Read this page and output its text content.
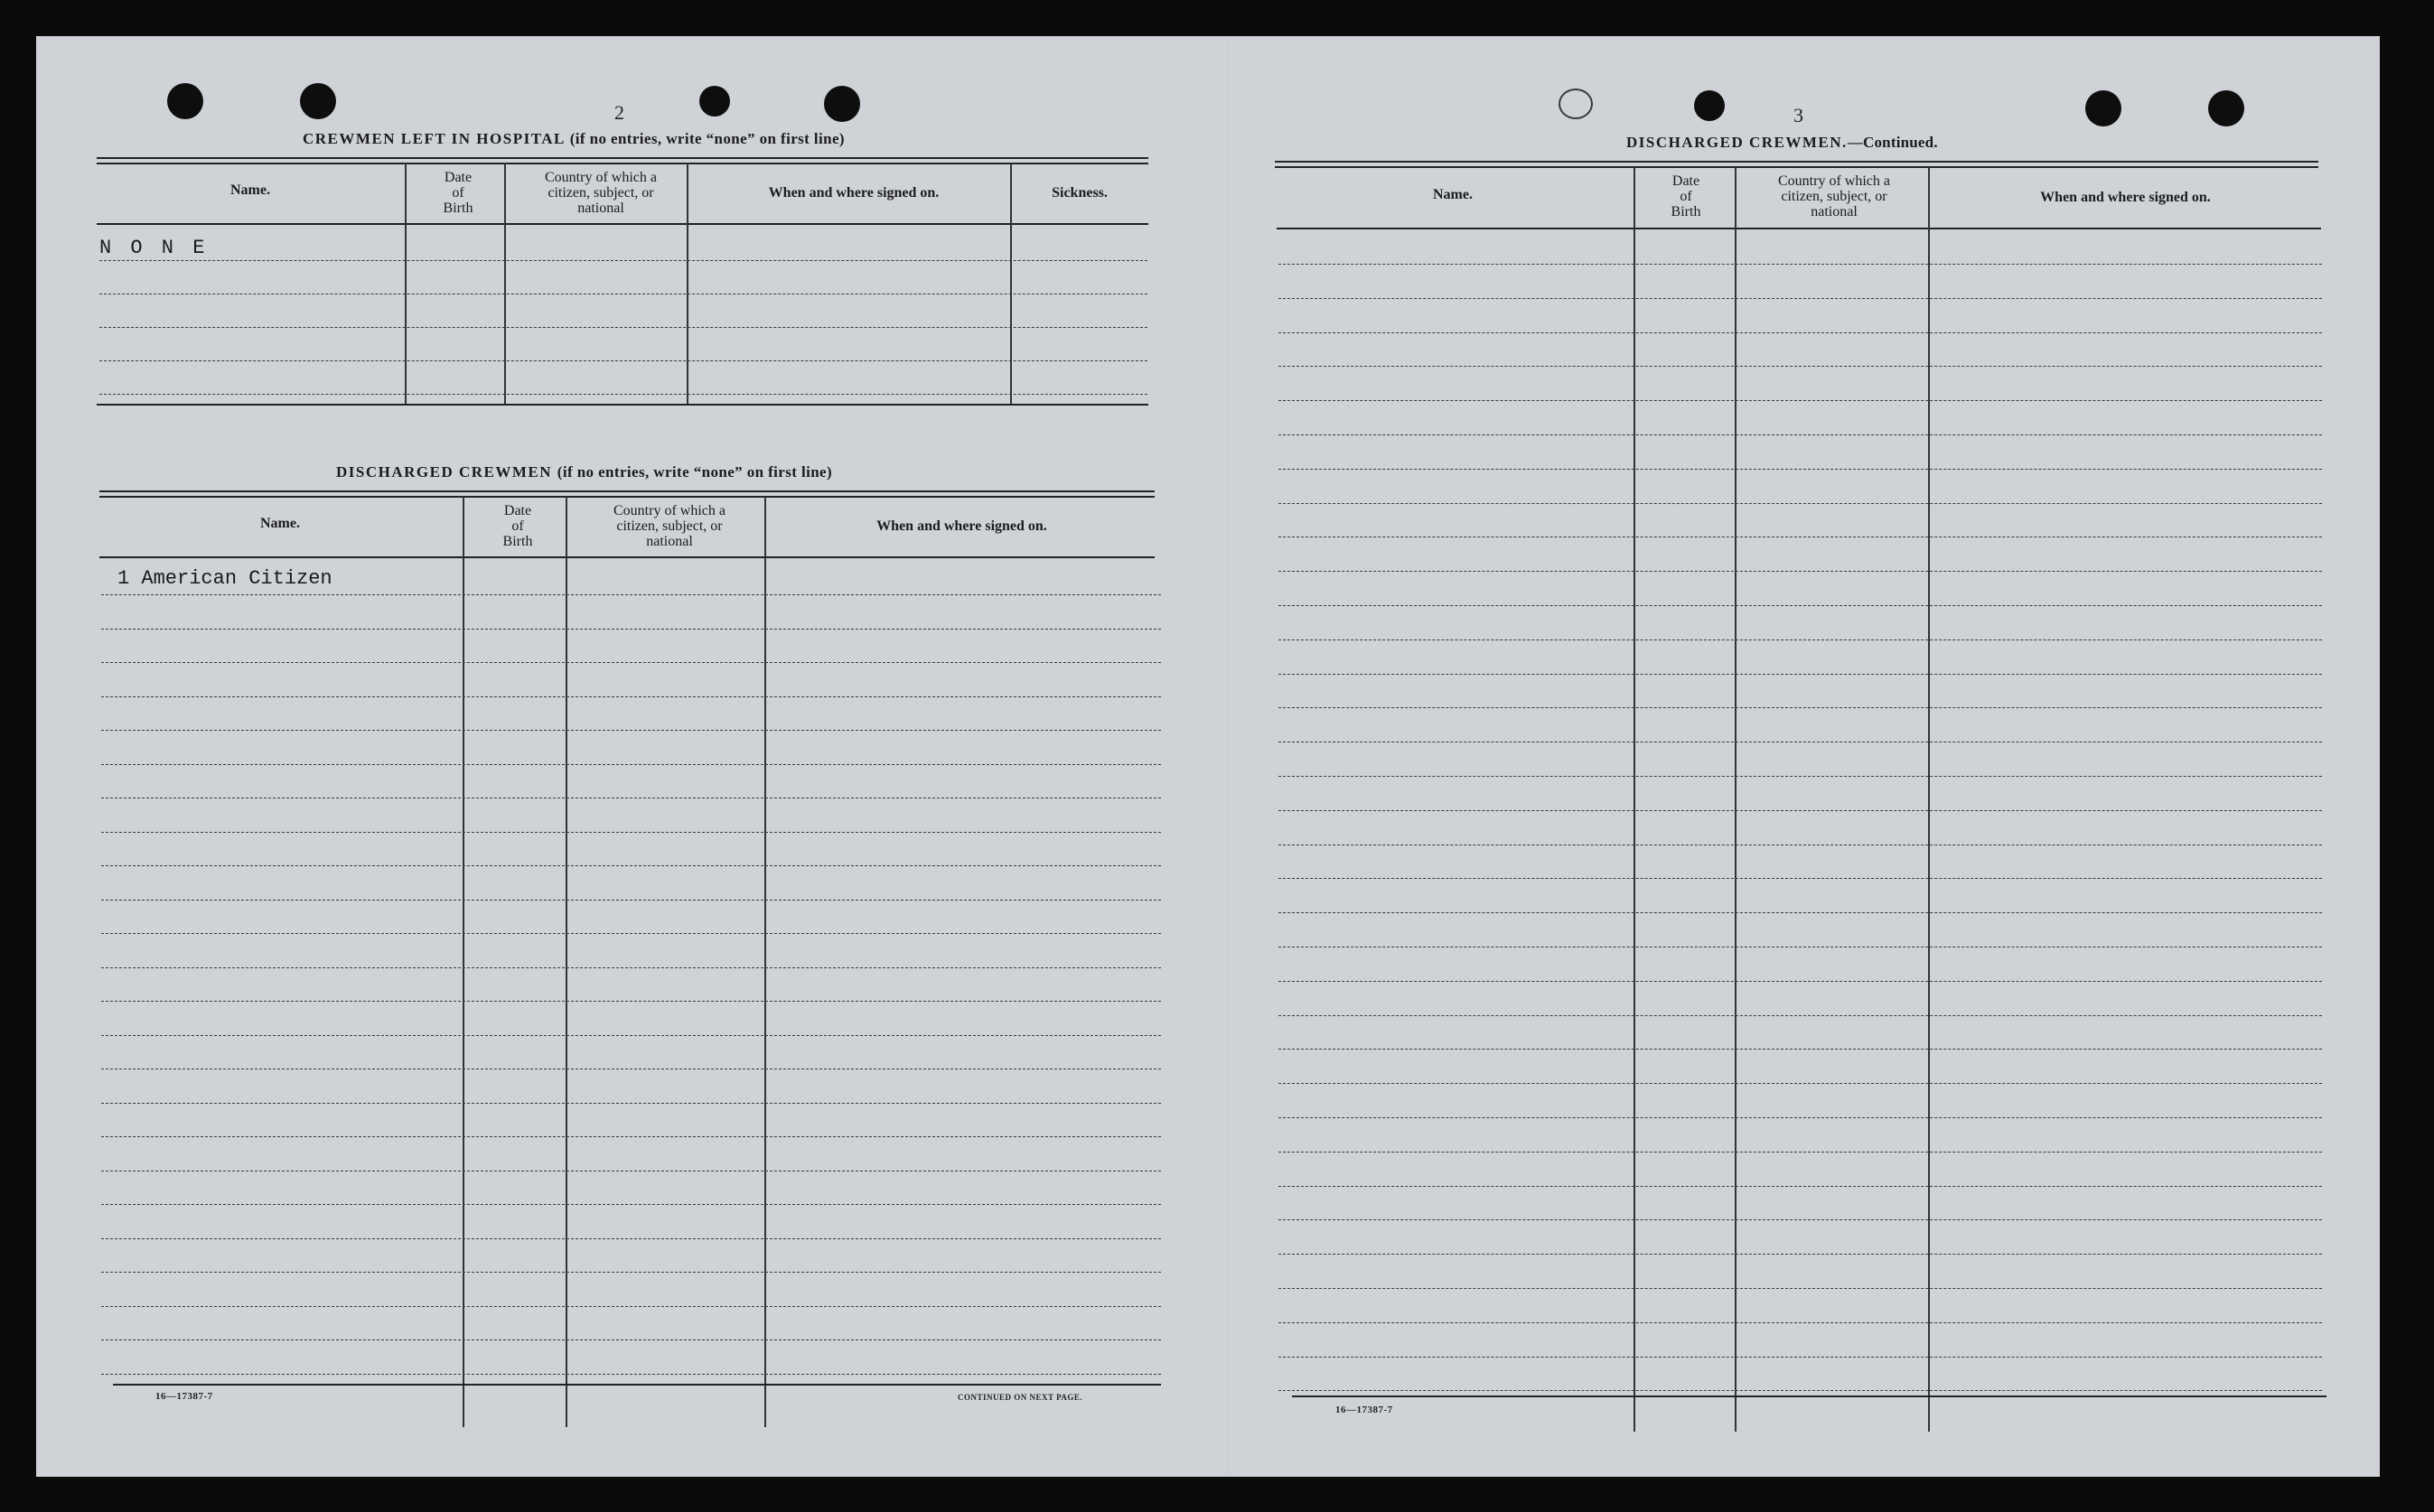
2
CREWMEN LEFT IN HOSPITAL (if no entries, write “none” on first line)
Name.
Date
of
Birth
Country of which a
citizen, subject, or
national
When and where signed on.	Sickness.
N O N E
DISCHARGED CREWMEN (if no entries, write “none” on first line)
Name.
Date
of
Birth
Country of which a
citizen, subject, or
national
When and where signed on.
1 American Citizen
16—17387-7	CONTINUED ON NEXT PAGE.
3
DISCHARGED CREWMEN.—Continued.
Name.
Date
of
Birth
Country of which a
citizen, subject, or
national
When and where signed on.
16—17387-7
